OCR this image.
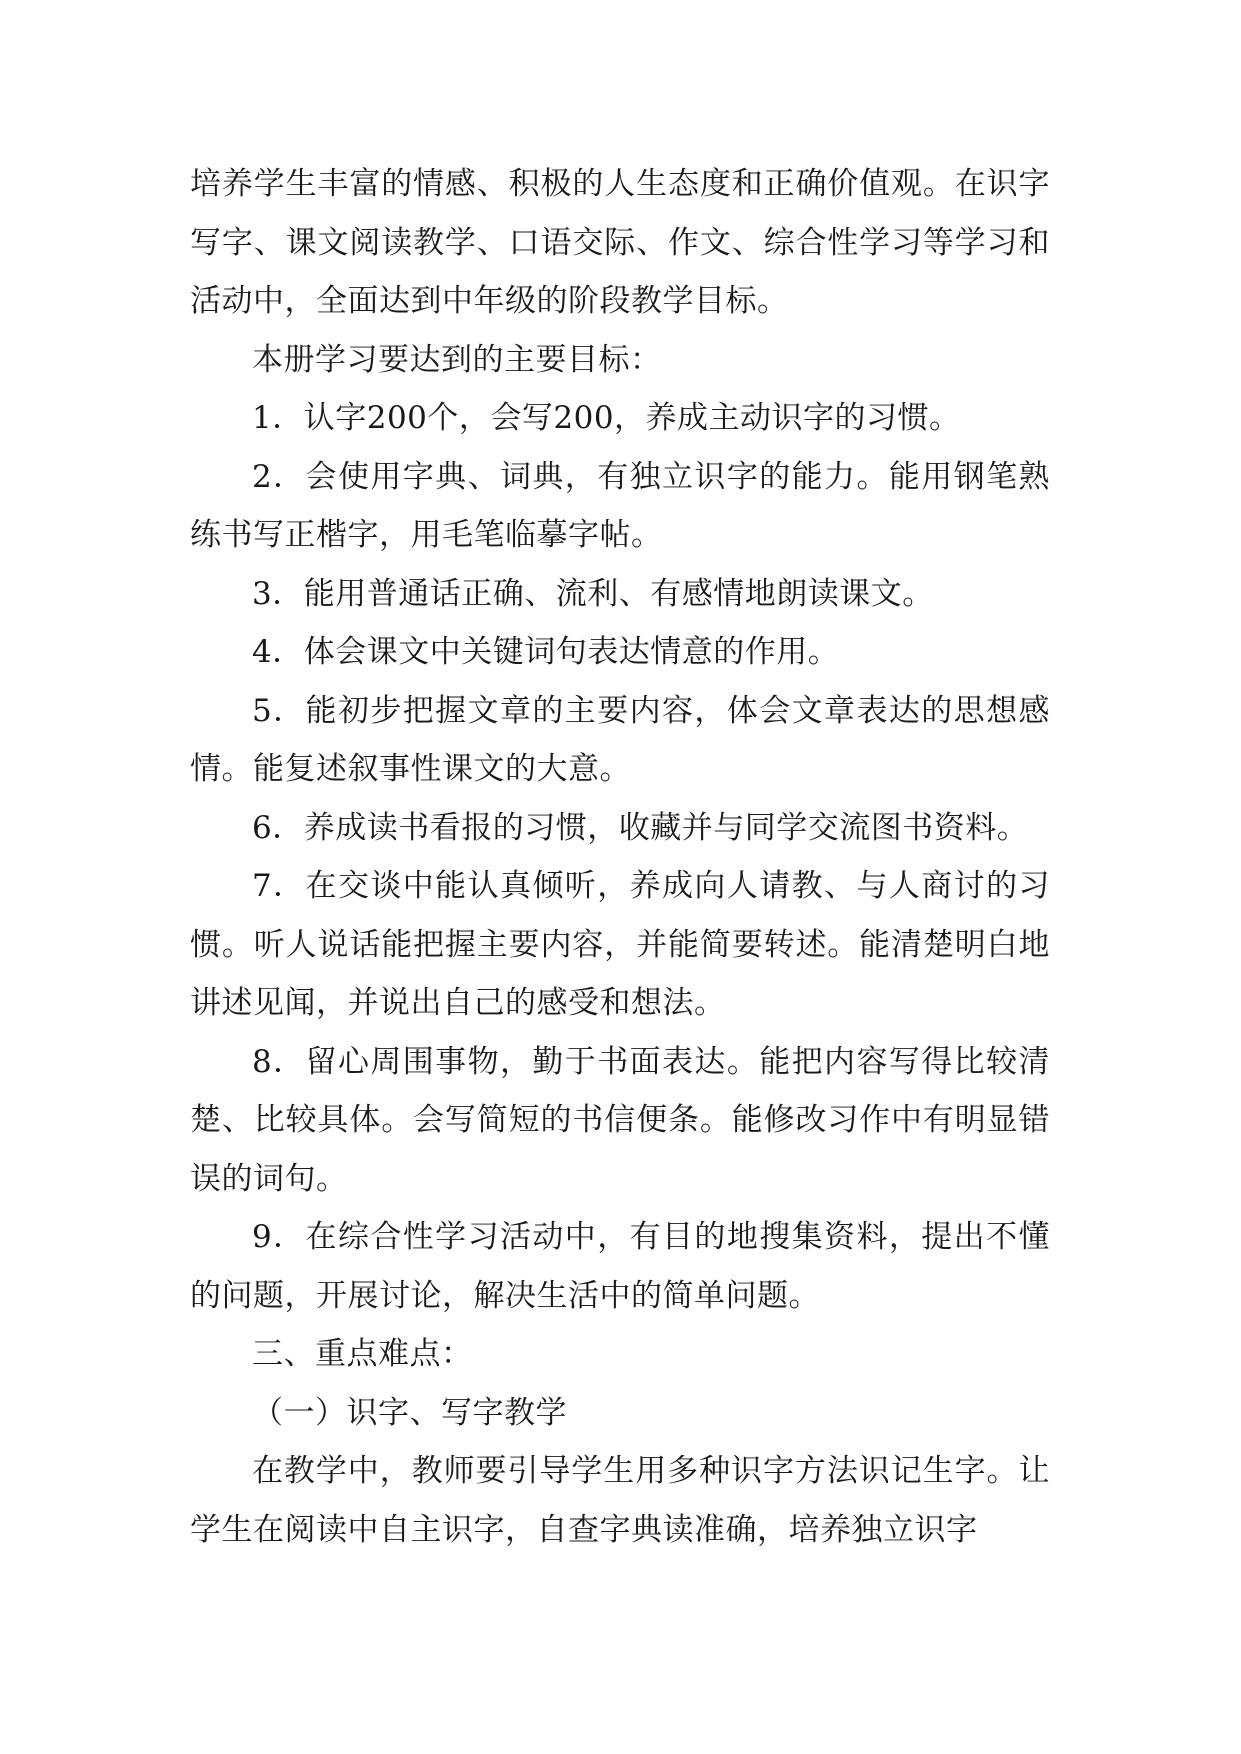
培养学生丰富的情感、积极的人生态度和正确价值观。在识字写字、课文阅读教学、口语交际、作文、综合性学习等学习和活动中，全面达到中年级的阶段教学目标。

本册学习要达到的主要目标：

1．认字200个，会写200，养成主动识字的习惯。

2．会使用字典、词典，有独立识字的能力。能用钢笔熟练书写正楷字，用毛笔临摹字帖。

3．能用普通话正确、流利、有感情地朗读课文。

4．体会课文中关键词句表达情意的作用。

5．能初步把握文章的主要内容，体会文章表达的思想感情。能复述叙事性课文的大意。

6．养成读书看报的习惯，收藏并与同学交流图书资料。

7．在交谈中能认真倾听，养成向人请教、与人商讨的习惯。听人说话能把握主要内容，并能简要转述。能清楚明白地讲述见闻，并说出自己的感受和想法。

8．留心周围事物，勤于书面表达。能把内容写得比较清楚、比较具体。会写简短的书信便条。能修改习作中有明显错误的词句。

9．在综合性学习活动中，有目的地搜集资料，提出不懂的问题，开展讨论，解决生活中的简单问题。

三、重点难点：

（一）识字、写字教学

在教学中，教师要引导学生用多种识字方法识记生字。让学生在阅读中自主识字，自查字典读准确，培养独立识字
